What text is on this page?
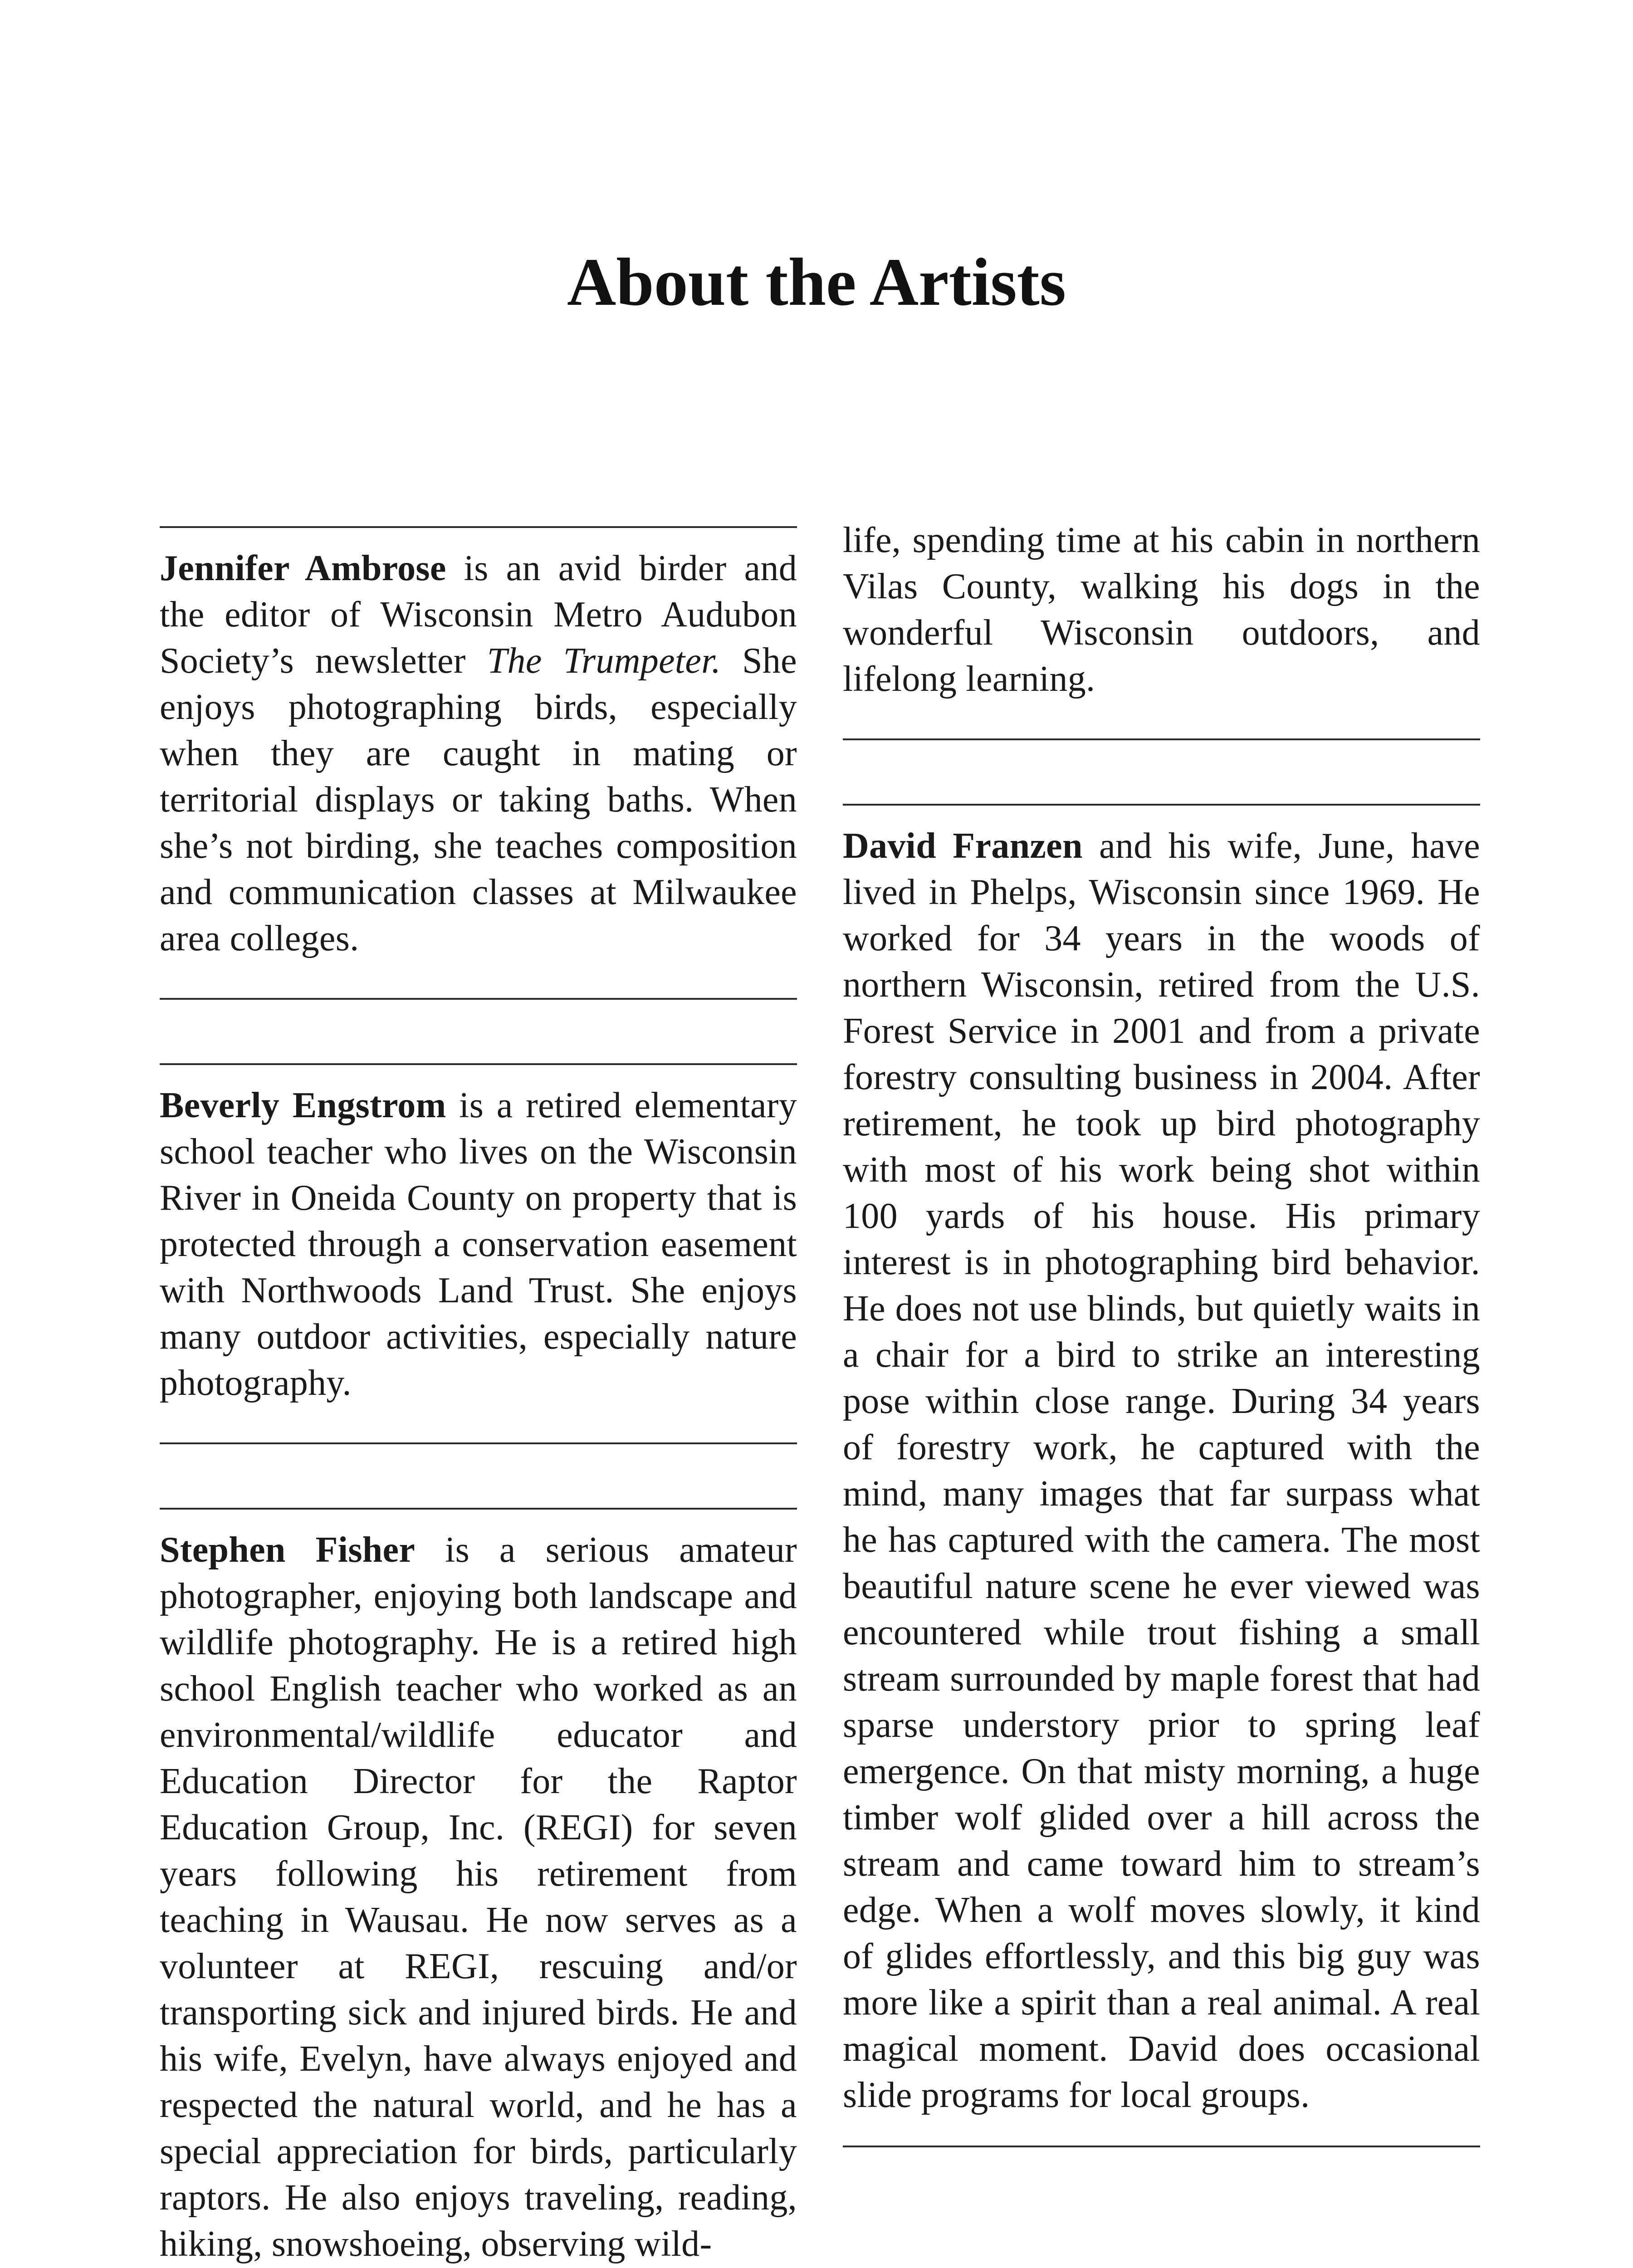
About the Artists

Jennifer Ambrose is an avid birder and the editor of Wisconsin Metro Audubon Society’s newsletter The Trumpeter. She enjoys photographing birds, especially when they are caught in mating or territorial displays or taking baths. When she’s not birding, she teaches composition and communication classes at Milwaukee area colleges.

Beverly Engstrom is a retired elementary school teacher who lives on the Wisconsin River in Oneida County on property that is protected through a conservation easement with Northwoods Land Trust. She enjoys many outdoor activities, especially nature photography.

Stephen Fisher is a serious amateur photographer, enjoying both landscape and wildlife photography. He is a retired high school English teacher who worked as an environmental/wildlife educator and Education Director for the Raptor Education Group, Inc. (REGI) for seven years following his retirement from teaching in Wausau. He now serves as a volunteer at REGI, rescuing and/or transporting sick and injured birds. He and his wife, Evelyn, have always enjoyed and respected the natural world, and he has a special appreciation for birds, particularly raptors. He also enjoys traveling, reading, hiking, snowshoeing, observing wild-

life, spending time at his cabin in northern Vilas County, walking his dogs in the wonderful Wisconsin outdoors, and lifelong learning.

David Franzen and his wife, June, have lived in Phelps, Wisconsin since 1969. He worked for 34 years in the woods of northern Wisconsin, retired from the U.S. Forest Service in 2001 and from a private forestry consulting business in 2004. After retirement, he took up bird photography with most of his work being shot within 100 yards of his house. His primary interest is in photographing bird behavior. He does not use blinds, but quietly waits in a chair for a bird to strike an interesting pose within close range. During 34 years of forestry work, he captured with the mind, many images that far surpass what he has captured with the camera. The most beautiful nature scene he ever viewed was encountered while trout fishing a small stream surrounded by maple forest that had sparse understory prior to spring leaf emergence. On that misty morning, a huge timber wolf glided over a hill across the stream and came toward him to stream’s edge. When a wolf moves slowly, it kind of glides effortlessly, and this big guy was more like a spirit than a real animal. A real magical moment. David does occasional slide programs for local groups.
